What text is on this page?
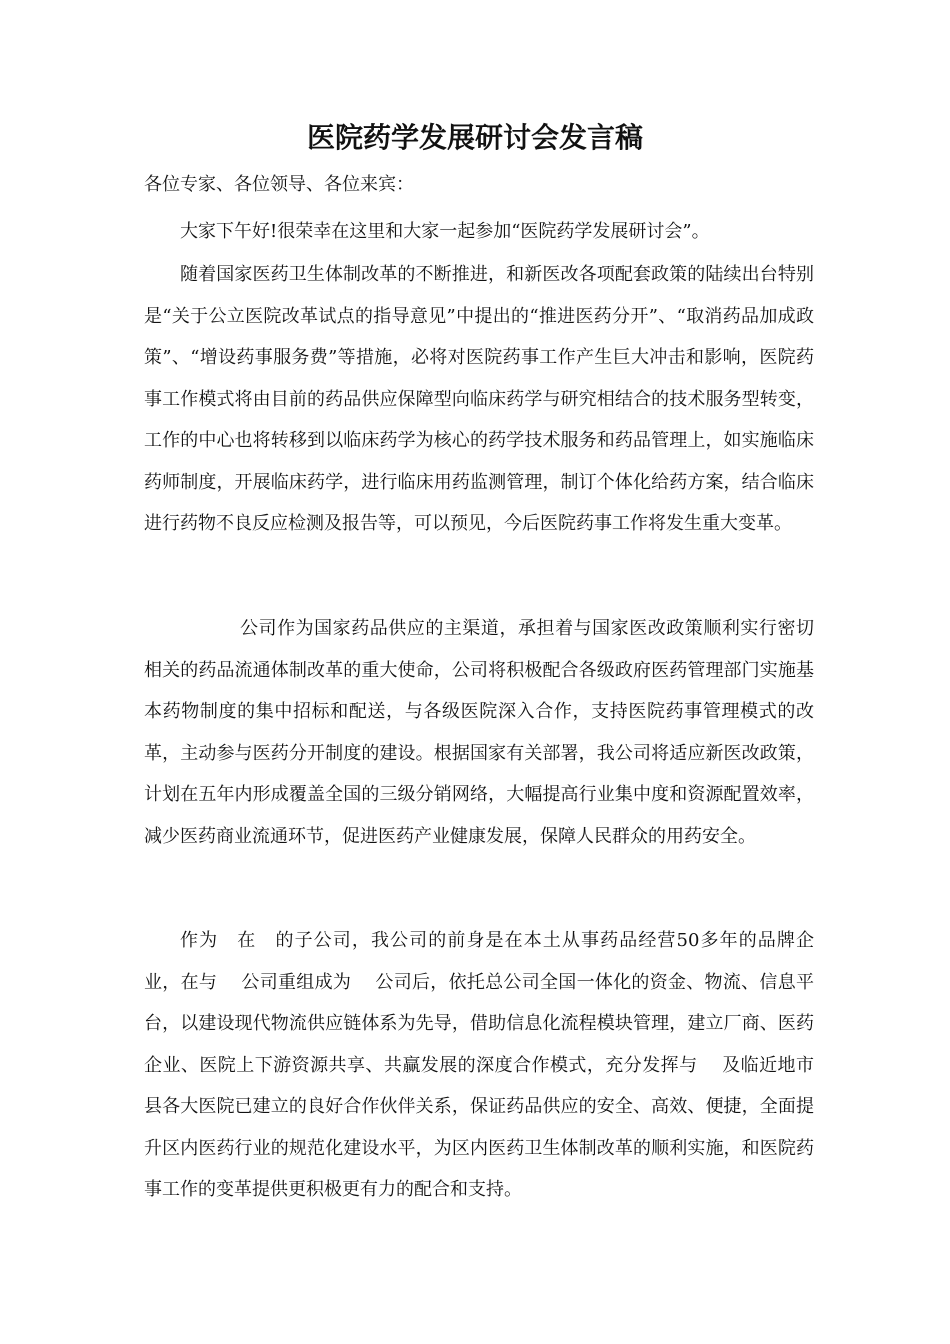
医院药学发展研讨会发言稿
各位专家、各位领导、各位来宾：
大家下午好!很荣幸在这里和大家一起参加“医院药学发展研讨会”。
随着国家医药卫生体制改革的不断推进，和新医改各项配套政策的陆续出台特别是“关于公立医院改革试点的指导意见”中提出的“推进医药分开”、“取消药品加成政策”、“增设药事服务费”等措施，必将对医院药事工作产生巨大冲击和影响，医院药事工作模式将由目前的药品供应保障型向临床药学与研究相结合的技术服务型转变，工作的中心也将转移到以临床药学为核心的药学技术服务和药品管理上，如实施临床药师制度，开展临床药学，进行临床用药监测管理，制订个体化给药方案，结合临床进行药物不良反应检测及报告等，可以预见，今后医院药事工作将发生重大变革。
公司作为国家药品供应的主渠道，承担着与国家医改政策顺利实行密切相关的药品流通体制改革的重大使命，公司将积极配合各级政府医药管理部门实施基本药物制度的集中招标和配送，与各级医院深入合作，支持医院药事管理模式的改革，主动参与医药分开制度的建设。根据国家有关部署，我公司将适应新医改政策，计划在五年内形成覆盖全国的三级分销网络，大幅提高行业集中度和资源配置效率，减少医药商业流通环节，促进医药产业健康发展，保障人民群众的用药安全。
作为　在　的子公司，我公司的前身是在本土从事药品经营50多年的品牌企业，在与　 公司重组成为　 公司后，依托总公司全国一体化的资金、物流、信息平台，以建设现代物流供应链体系为先导，借助信息化流程模块管理，建立厂商、医药企业、医院上下游资源共享、共赢发展的深度合作模式，充分发挥与　 及临近地市县各大医院已建立的良好合作伙伴关系，保证药品供应的安全、高效、便捷，全面提升区内医药行业的规范化建设水平，为区内医药卫生体制改革的顺利实施，和医院药事工作的变革提供更积极更有力的配合和支持。
